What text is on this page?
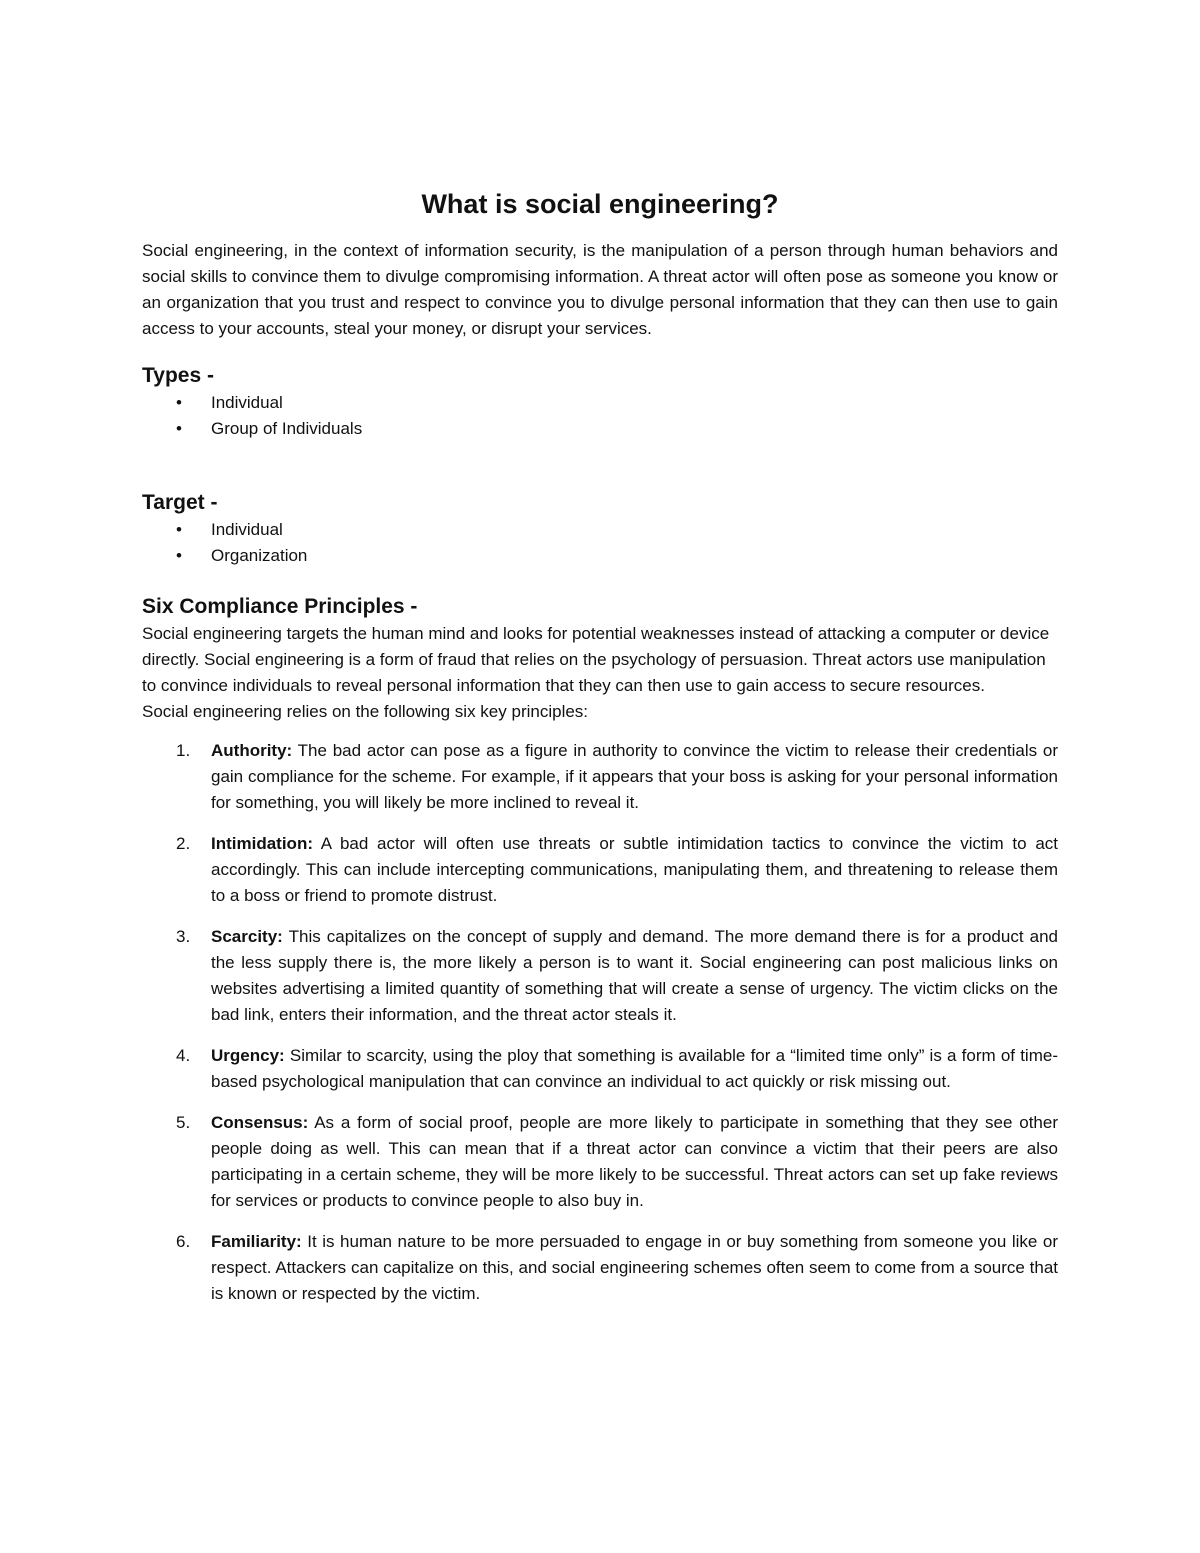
What is social engineering?

Social engineering, in the context of information security, is the manipulation of a person through human behaviors and social skills to convince them to divulge compromising information. A threat actor will often pose as someone you know or an organization that you trust and respect to convince you to divulge personal information that they can then use to gain access to your accounts, steal your money, or disrupt your services.

Types -
• Individual
• Group of Individuals
Target -
• Individual
• Organization
Six Compliance Principles -

Social engineering targets the human mind and looks for potential weaknesses instead of attacking a computer or device directly. Social engineering is a form of fraud that relies on the psychology of persuasion. Threat actors use manipulation to convince individuals to reveal personal information that they can then use to gain access to secure resources.

Social engineering relies on the following six key principles:

1. Authority: The bad actor can pose as a figure in authority to convince the victim to release their credentials or gain compliance for the scheme. For example, if it appears that your boss is asking for your personal information for something, you will likely be more inclined to reveal it.
2. Intimidation: A bad actor will often use threats or subtle intimidation tactics to convince the victim to act accordingly. This can include intercepting communications, manipulating them, and threatening to release them to a boss or friend to promote distrust.
3. Scarcity: This capitalizes on the concept of supply and demand. The more demand there is for a product and the less supply there is, the more likely a person is to want it. Social engineering can post malicious links on websites advertising a limited quantity of something that will create a sense of urgency. The victim clicks on the bad link, enters their information, and the threat actor steals it.
4. Urgency: Similar to scarcity, using the ploy that something is available for a “limited time only” is a form of time-based psychological manipulation that can convince an individual to act quickly or risk missing out.
5. Consensus: As a form of social proof, people are more likely to participate in something that they see other people doing as well. This can mean that if a threat actor can convince a victim that their peers are also participating in a certain scheme, they will be more likely to be successful. Threat actors can set up fake reviews for services or products to convince people to also buy in.
6. Familiarity: It is human nature to be more persuaded to engage in or buy something from someone you like or respect. Attackers can capitalize on this, and social engineering schemes often seem to come from a source that is known or respected by the victim.
